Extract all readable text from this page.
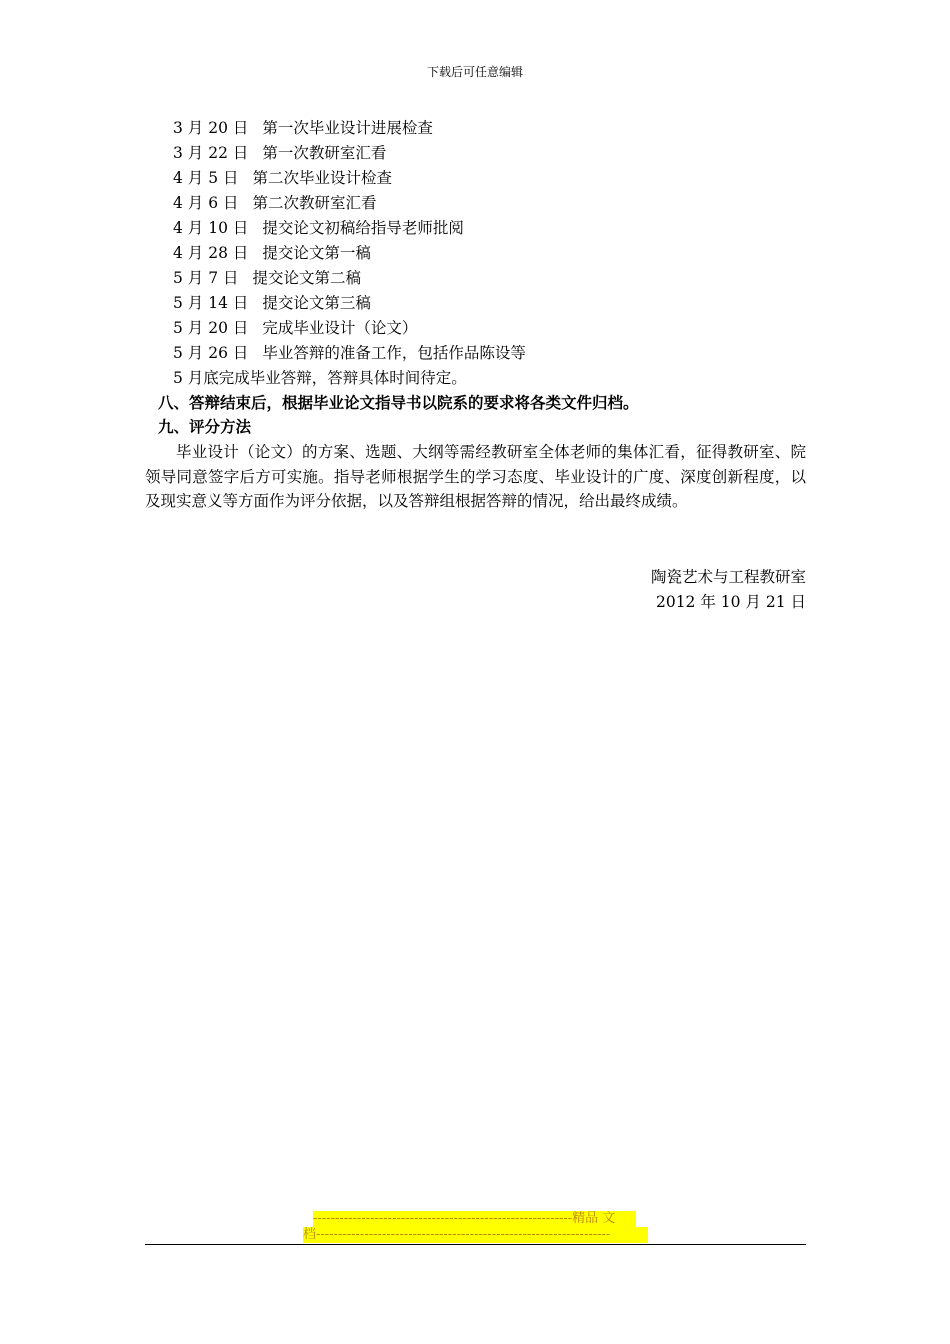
下载后可任意编辑
3 月 20 日 第一次毕业设计进展检查
3 月 22 日 第一次教研室汇看
4 月 5 日 第二次毕业设计检查
4 月 6 日 第二次教研室汇看
4 月 10 日 提交论文初稿给指导老师批阅
4 月 28 日 提交论文第一稿
5 月 7 日 提交论文第二稿
5 月 14 日 提交论文第三稿
5 月 20 日 完成毕业设计（论文）
5 月 26 日 毕业答辩的准备工作，包括作品陈设等
5 月底完成毕业答辩，答辩具体时间待定。
八、答辩结束后，根据毕业论文指导书以院系的要求将各类文件归档。
九、评分方法
毕业设计（论文）的方案、选题、大纲等需经教研室全体老师的集体汇看，征得教研室、院领导同意签字后方可实施。指导老师根据学生的学习态度、毕业设计的广度、深度创新程度，以及现实意义等方面作为评分依据，以及答辩组根据答辩的情况，给出最终成绩。
陶瓷艺术与工程教研室
2012 年 10 月 21 日
-----------------------------------------------------------精品 文
档-------------------------------------------------------------------
